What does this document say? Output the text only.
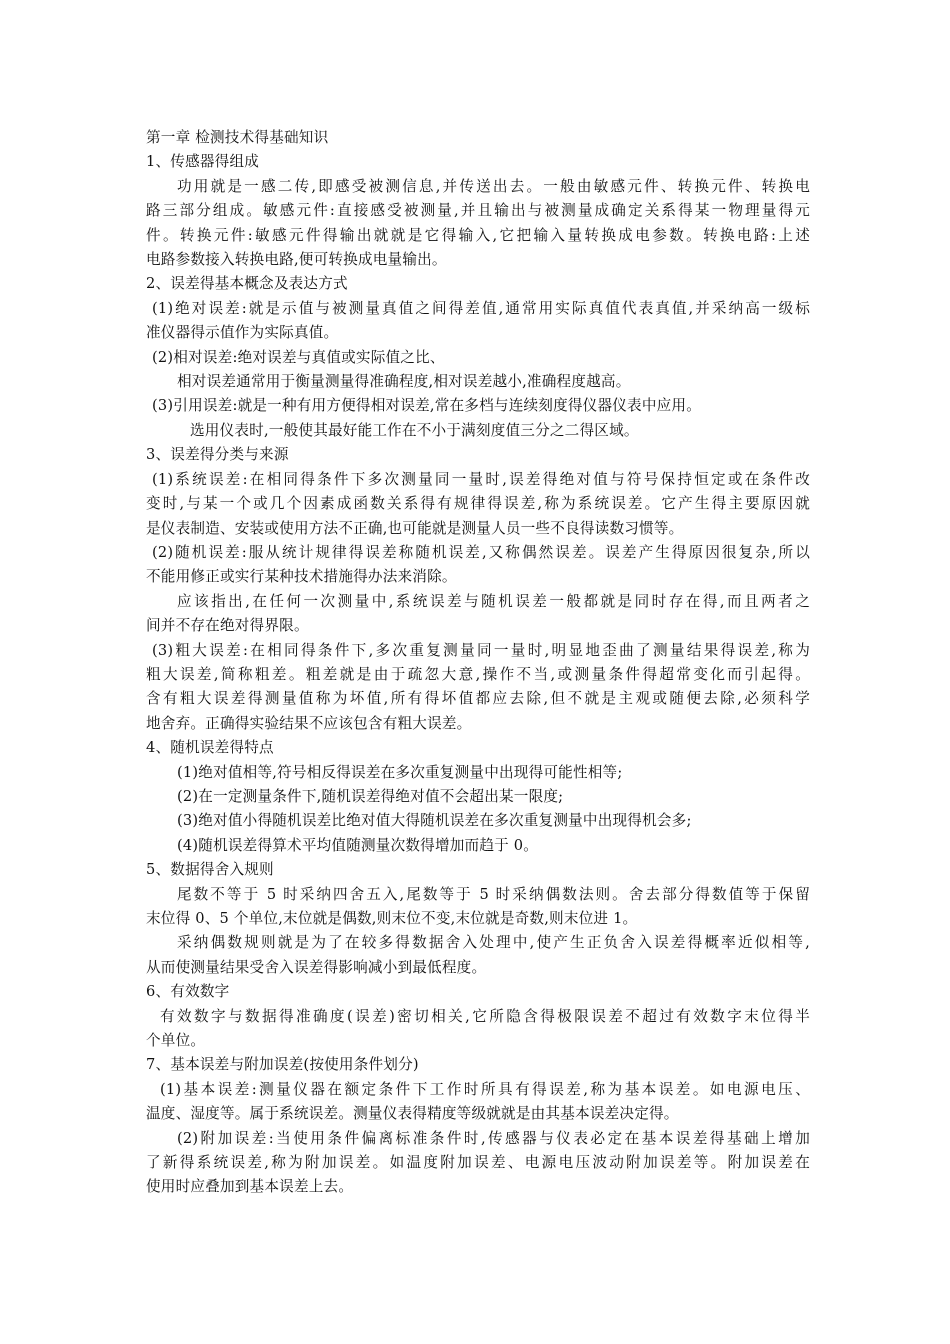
第一章 检测技术得基础知识
1、传感器得组成
功用就是一感二传,即感受被测信息,并传送出去。一般由敏感元件、转换元件、转换电
路三部分组成。敏感元件:直接感受被测量,并且输出与被测量成确定关系得某一物理量得元
件。转换元件:敏感元件得输出就就是它得输入,它把输入量转换成电参数。转换电路:上述
电路参数接入转换电路,便可转换成电量输出。
2、误差得基本概念及表达方式
(1)绝对误差:就是示值与被测量真值之间得差值,通常用实际真值代表真值,并采纳高一级标
准仪器得示值作为实际真值。
(2)相对误差:绝对误差与真值或实际值之比、
相对误差通常用于衡量测量得准确程度,相对误差越小,准确程度越高。
(3)引用误差:就是一种有用方便得相对误差,常在多档与连续刻度得仪器仪表中应用。
选用仪表时,一般使其最好能工作在不小于满刻度值三分之二得区域。
3、误差得分类与来源
(1)系统误差:在相同得条件下多次测量同一量时,误差得绝对值与符号保持恒定或在条件改
变时,与某一个或几个因素成函数关系得有规律得误差,称为系统误差。它产生得主要原因就
是仪表制造、安装或使用方法不正确,也可能就是测量人员一些不良得读数习惯等。
(2)随机误差:服从统计规律得误差称随机误差,又称偶然误差。误差产生得原因很复杂,所以
不能用修正或实行某种技术措施得办法来消除。
应该指出,在任何一次测量中,系统误差与随机误差一般都就是同时存在得,而且两者之
间并不存在绝对得界限。
(3)粗大误差:在相同得条件下,多次重复测量同一量时,明显地歪曲了测量结果得误差,称为
粗大误差,简称粗差。粗差就是由于疏忽大意,操作不当,或测量条件得超常变化而引起得。
含有粗大误差得测量值称为坏值,所有得坏值都应去除,但不就是主观或随便去除,必须科学
地舍弃。正确得实验结果不应该包含有粗大误差。
4、随机误差得特点
(1)绝对值相等,符号相反得误差在多次重复测量中出现得可能性相等;
(2)在一定测量条件下,随机误差得绝对值不会超出某一限度;
(3)绝对值小得随机误差比绝对值大得随机误差在多次重复测量中出现得机会多;
(4)随机误差得算术平均值随测量次数得增加而趋于 0。
5、数据得舍入规则
尾数不等于 5 时采纳四舍五入,尾数等于 5 时采纳偶数法则。舍去部分得数值等于保留
末位得 0、5 个单位,末位就是偶数,则末位不变,末位就是奇数,则末位进 1。
采纳偶数规则就是为了在较多得数据舍入处理中,使产生正负舍入误差得概率近似相等,
从而使测量结果受舍入误差得影响减小到最低程度。
6、有效数字
有效数字与数据得准确度(误差)密切相关,它所隐含得极限误差不超过有效数字末位得半
个单位。
7、基本误差与附加误差(按使用条件划分)
(1)基本误差:测量仪器在额定条件下工作时所具有得误差,称为基本误差。如电源电压、
温度、湿度等。属于系统误差。测量仪表得精度等级就就是由其基本误差决定得。
(2)附加误差:当使用条件偏离标准条件时,传感器与仪表必定在基本误差得基础上增加
了新得系统误差,称为附加误差。如温度附加误差、电源电压波动附加误差等。附加误差在
使用时应叠加到基本误差上去。
